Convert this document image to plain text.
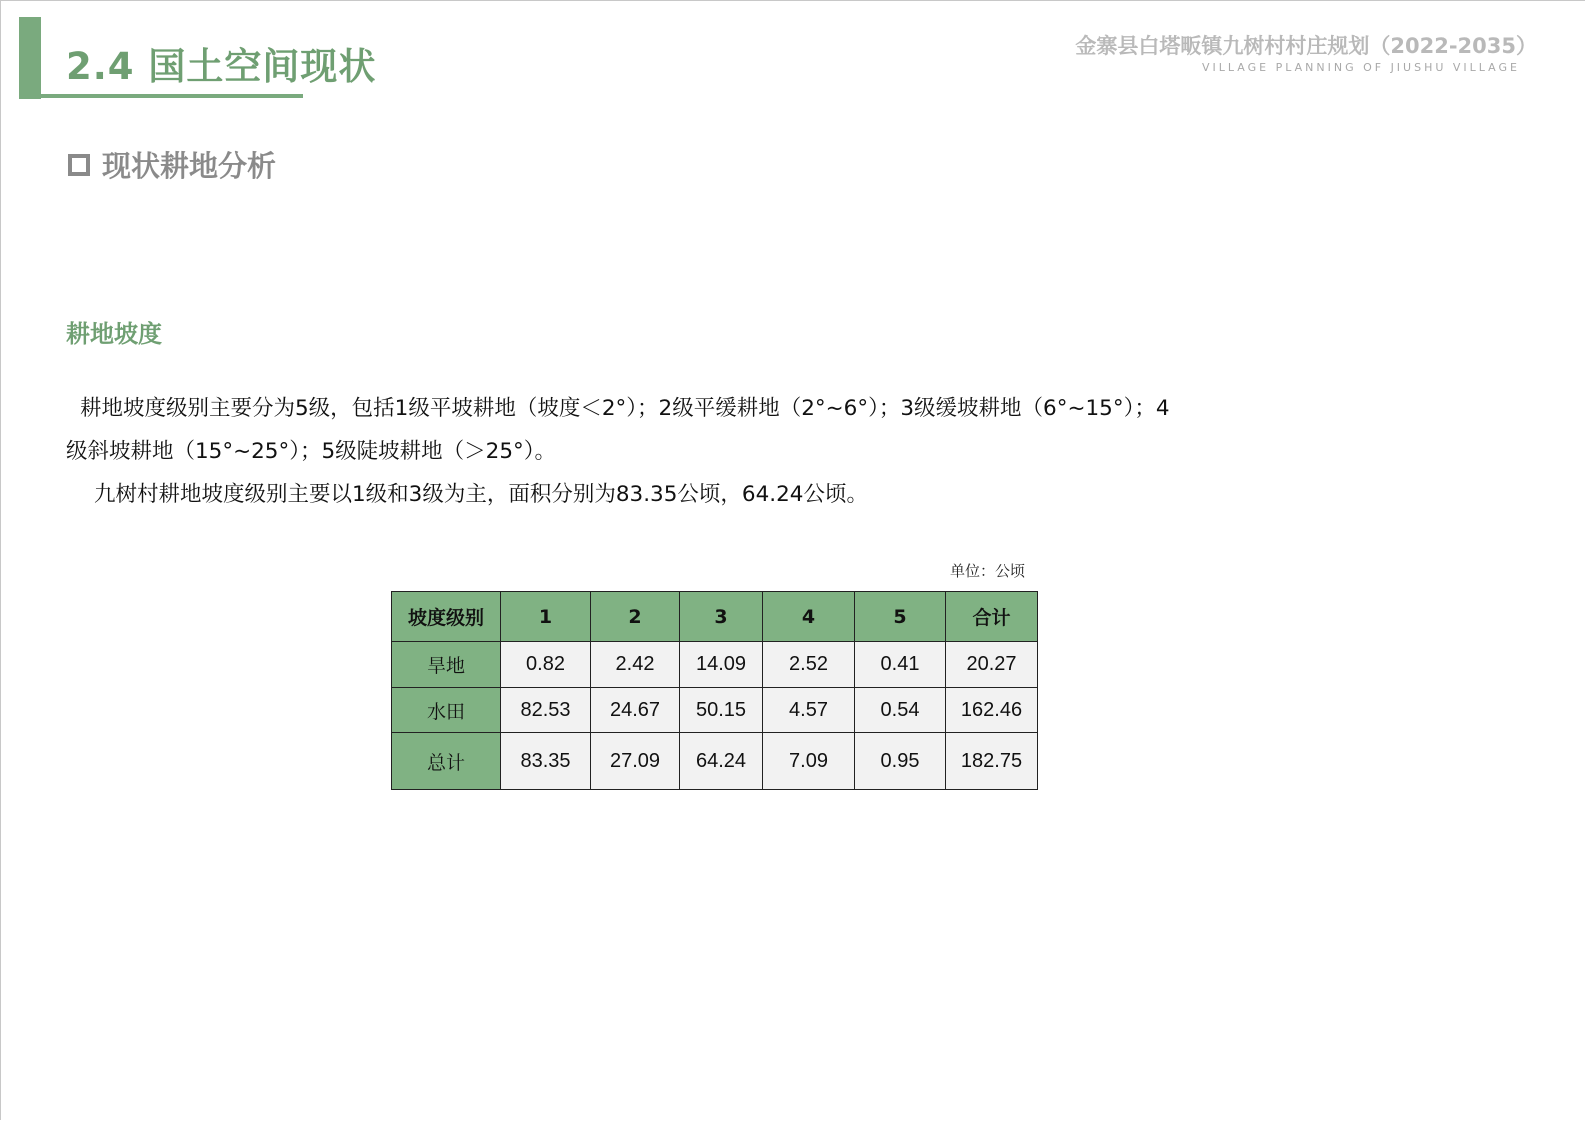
2.4 国土空间现状	金寨县白塔畈镇九树村村庄规划（2022-2035）
VILLAGE PLANNING OF JIUSHU VILLAGE
现状耕地分析
耕地坡度
耕地坡度级别主要分为5级，包括1级平坡耕地（坡度＜2°）；2级平缓耕地（2°~6°）；3级缓坡耕地（6°~15°）；4
级斜坡耕地（15°~25°）；5级陡坡耕地（＞25°）。
九树村耕地坡度级别主要以1级和3级为主，面积分别为83.35公顷，64.24公顷。
单位：公顷
坡度级别	1	2	3	4	5	合计
旱地	0.82	2.42	14.09	2.52	0.41	20.27
水田	82.53	24.67	50.15	4.57	0.54	162.46
总计	83.35	27.09	64.24	7.09	0.95	182.75
